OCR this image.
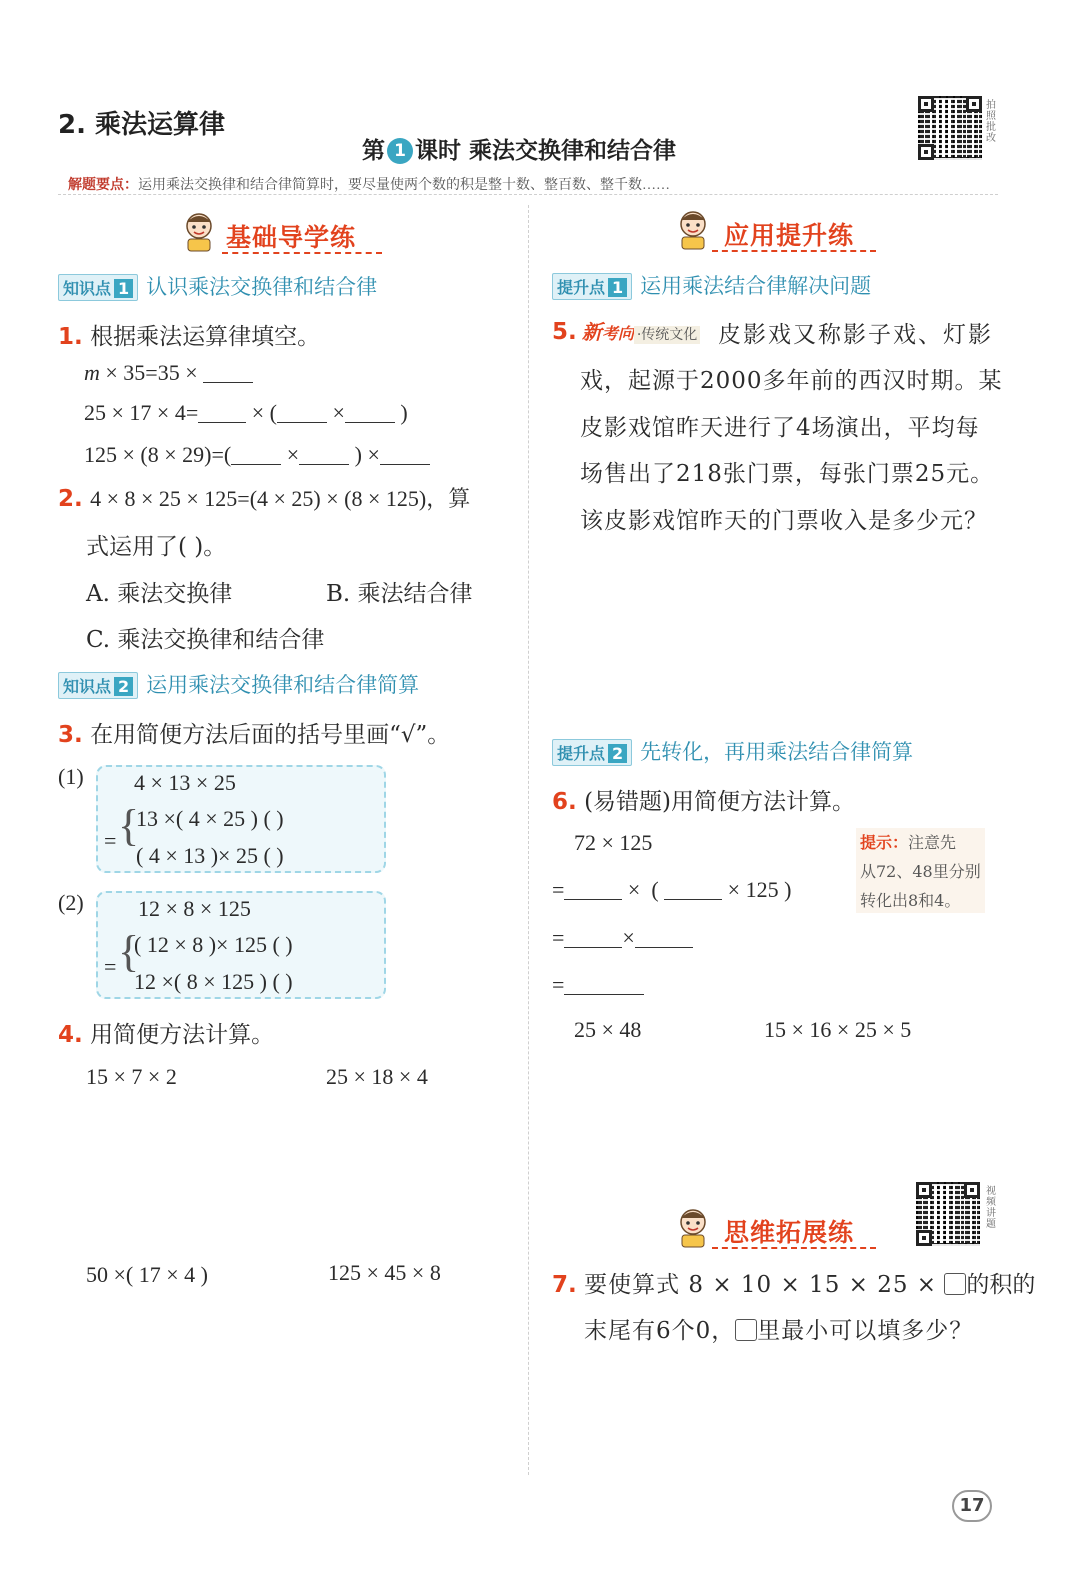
2. 乘法运算律
第 1 课时 乘法交换律和结合律
拍照批改
解题要点：运用乘法交换律和结合律简算时，要尽量使两个数的积是整十数、整百数、整千数……
基础导学练
知识点 1 认识乘法交换律和结合律
1. 根据乘法运算律填空。
m × 35=35 ×
25 × 17 × 4= × (	×	)
125 × (8 × 29)=(	×	) ×
2. 4 × 8 × 25 × 125=(4 × 25) × (8 × 125)，算
式运用了( )。
A. 乘法交换律	B. 乘法结合律
C. 乘法交换律和结合律
知识点 2 运用乘法交换律和结合律简算
3. 在用简便方法后面的括号里画“√”。
(1) 4 × 13 × 25
= {
13 ×( 4 × 25 ) ( )
( 4 × 13 )× 25 ( )
(2) 12 × 8 × 125
= {
( 12 × 8 )× 125 ( )
12 ×( 8 × 125 ) ( )
4. 用简便方法计算。
15 × 7 × 2	25 × 18 × 4
50 ×( 17 × 4 )	125 × 45 × 8
应用提升练
提升点 1 运用乘法结合律解决问题
5. 新考向 ·传统文化 皮影戏又称影子戏、灯影
戏，起源于2000多年前的西汉时期。某
皮影戏馆昨天进行了4场演出，平均每
场售出了218张门票，每张门票25元。
该皮影戏馆昨天的门票收入是多少元？
提升点 2 先转化，再用乘法结合律简算
6. (易错题)用简便方法计算。
72 × 125
=	× (	× 125 )
=	×
=
提示：注意先
从72、48里分别
转化出8和4。
25 × 48	15 × 16 × 25 × 5
视频讲题
思维拓展练
7. 要使算式 8 × 10 × 15 × 25 × 的积的
末尾有6个0， 里最小可以填多少？
17
